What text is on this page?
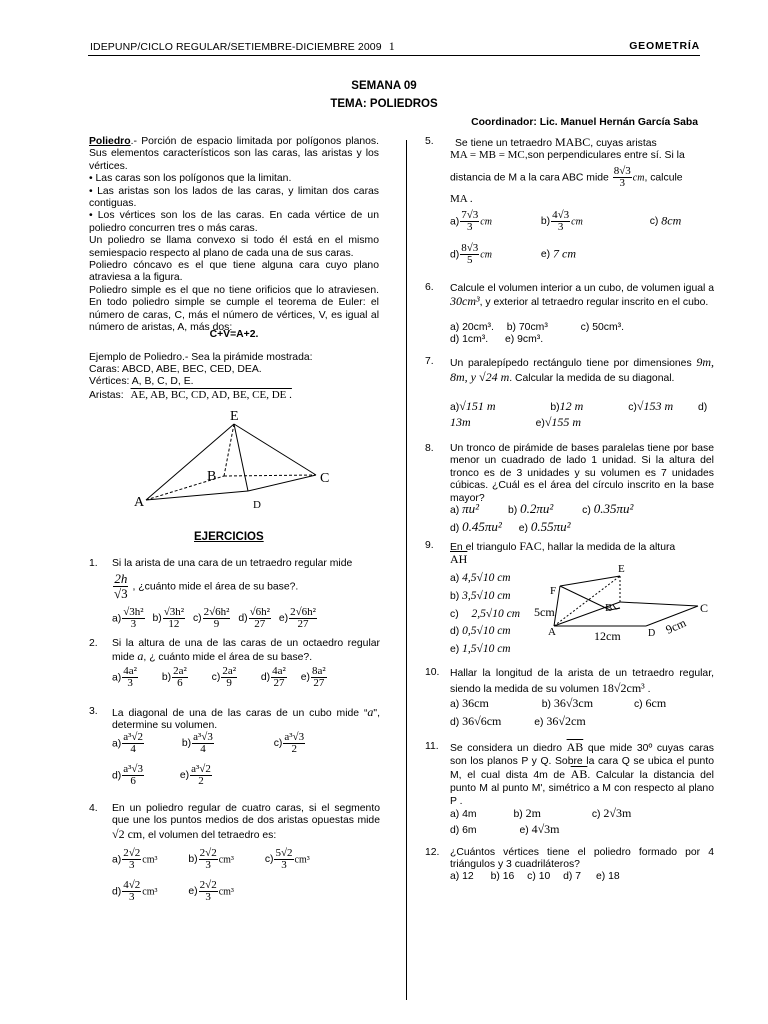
IDEPUNP/CICLO REGULAR/SETIEMBRE-DICIEMBRE 2009 1	GEOMETRÍA
SEMANA 09
TEMA: POLIEDROS
Coordinador: Lic. Manuel Hernán García Saba

Poliedro.- Porción de espacio limitada por polígonos planos. Sus elementos característicos son las caras, las aristas y los vértices.

• Las caras son los polígonos que la limitan.

• Las aristas son los lados de las caras, y limitan dos caras contiguas.

• Los vértices son los de las caras. En cada vértice de un poliedro concurren tres o más caras.

Un poliedro se llama convexo si todo él está en el mismo semiespacio respecto al plano de cada una de sus caras.

Poliedro cóncavo es el que tiene alguna cara cuyo plano atraviesa a la figura.

Poliedro simple es el que no tiene orificios que lo atraviesen. En todo poliedro simple se cumple el teorema de Euler: el número de caras, C, más el número de vértices, V, es igual al número de aristas, A, más dos:

C+V=A+2.
Ejemplo de Poliedro.- Sea la pirámide mostrada:
Caras: ABCD, ABE, BEC, CED, DEA.
Vértices: A, B, C, D, E.
Aristas: AE, AB, BC, CD, AD, BE, CE, DE .
E
B	C
A	D
EJERCICIOS
1. Si la arista de una cara de un tetraedro regular mide
$\frac{2h}{√3}$ , ¿cuánto mide el área de su base?.
$a) \frac{\text{√3h²}}{3} b) \frac{\text{√3h²}}{12} c) \frac{\text{2√6h²}}{9} d) \frac{\text{√6h²}}{27} e) \frac{\text{2√6h²}}{27}$
2. Si la altura de una de las caras de un octaedro regular mide a, ¿ cuánto mide el área de su base?.
$a) \frac{\text{4a²}}{3} b) \frac{\text{2a²}}{6} c) \frac{\text{2a²}}{9} d) \frac{\text{4a²}}{27} e) \frac{\text{8a²}}{27}$
3. La diagonal de una de las caras de un cubo mide “a", determine su volumen.
$a) \frac{\text{a³√2}}{4}$	$b) \frac{\text{a³√3}}{4}$	$c) \frac{\text{a³√3}}{2}$
$d) \frac{\text{a³√3}}{6}$	$e) \frac{\text{a³√2}}{2}$
4. En un poliedro regular de cuatro caras, si el segmento que une los puntos medios de dos aristas opuestas mide √2 cm, el volumen del tetraedro es:
$a) \frac{2√2}{3} cm^3$	$b) \frac{2√2}{3} cm^3$	$c) \frac{5√2}{3} cm^3$
$d) \frac{4√2}{3} cm^3$	$e) \frac{2√2}{3} cm^3$
5. Se tiene un tetraedro MABC, cuyas aristas
MA = MB = MC,son perpendiculares entre sí. Si la
distancia de M a la cara ABC mide $\frac{8√3}{3}$ cm, calcule
MA .
$a) \frac{7√3}{3}$ cm	$b) \frac{4√3}{3}$ cm	c) 8cm
$d) \frac{8√3}{5}$ cm	e) 7 cm
6. Calcule el volumen interior a un cubo, de volumen igual a 30cm³, y exterior al tetraedro regular inscrito en el cubo.
a) 20cm³. b) 70cm³	c) 50cm³.
d) 1cm³. e) 9cm³.
7. Un paralepípedo rectángulo tiene por dimensiones 9m, 8m, y √24 m. Calcular la medida de su diagonal.
a)√151 m	b)12 m	c)√153 m d)
13m	e)√155 m
8. Un tronco de pirámide de bases paralelas tiene por base menor un cuadrado de lado 1 unidad. Si la altura del tronco es de 3 unidades y su volumen es 7 unidades cúbicas. ¿Cuál es el área del círculo inscrito en la base mayor?
a) πu²	b) 0.2πu²	c) 0.35πu²
d) 0.45πu² e) 0.55πu²
9. En el triangulo FAC, hallar la medida de la altura
$\overline{AH}$
a) 4,5√10 cm
b) 3,5√10 cm
c) 2,5√10 cm
d) 0,5√10 cm
e) 1,5√10 cm
E
F
B	C
A	D
5cm
12cm	9cm
10. Hallar la longitud de la arista de un tetraedro regular, siendo la medida de su volumen 18√2cm³ .
a) 36cm	b) 36√3cm	c) 6cm
d) 36√6cm	e) 36√2cm
11. Se considera un diedro $\overline{AB}$ que mide 30º cuyas caras son los planos P y Q. Sobre la cara Q se ubica el punto M, el cual dista 4m de $\overline{AB}$. Calcular la distancia del punto M al punto M', simétrico a M con respecto al plano P .
a) 4m	b) 2m	c) 2√3m
d) 6m	e) 4√3m
12. ¿Cuántos vértices tiene el poliedro formado por 4 triángulos y 3 cuadriláteros?
a) 12 b) 16 c) 10 d) 7 e) 18
